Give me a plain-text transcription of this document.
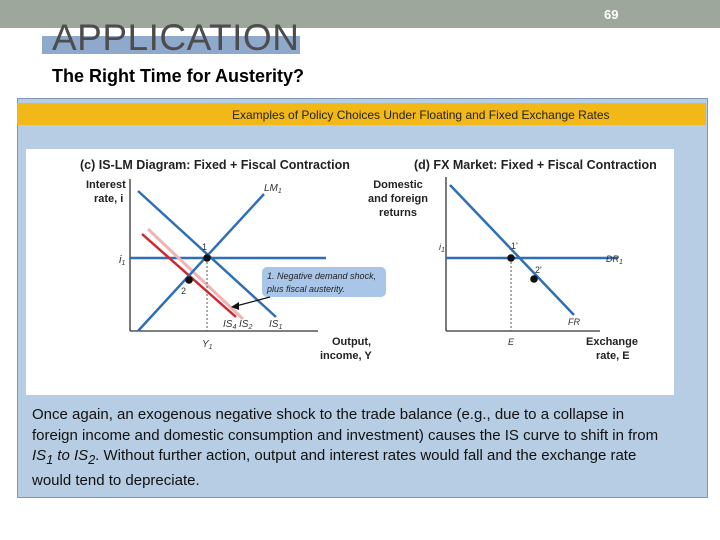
APPLICATION
69
The Right Time for Austerity?
Examples of Policy Choices Under Floating and Fixed Exchange Rates
(c) IS-LM Diagram: Fixed + Fiscal Contraction
Interest
rate, i
Output,
income, Y
i1
$LM_1$
$Y_1$
1
2
$IS_4$ $IS_2$ $IS_1$
1. Negative demand shock,
plus fiscal austerity.
(d) FX Market: Fixed + Fiscal Contraction
Domestic
and foreign
returns
Exchange
rate, E
$DR_1$
$i_1$
FR
E
1'
2'
Once again, an exogenous negative shock to the trade balance (e.g., due to a collapse in foreign income and domestic consumption and investment) causes the IS curve to shift in from $IS_1$ to $IS_2$. Without further action, output and interest rates would fall and the exchange rate would tend to depreciate.
